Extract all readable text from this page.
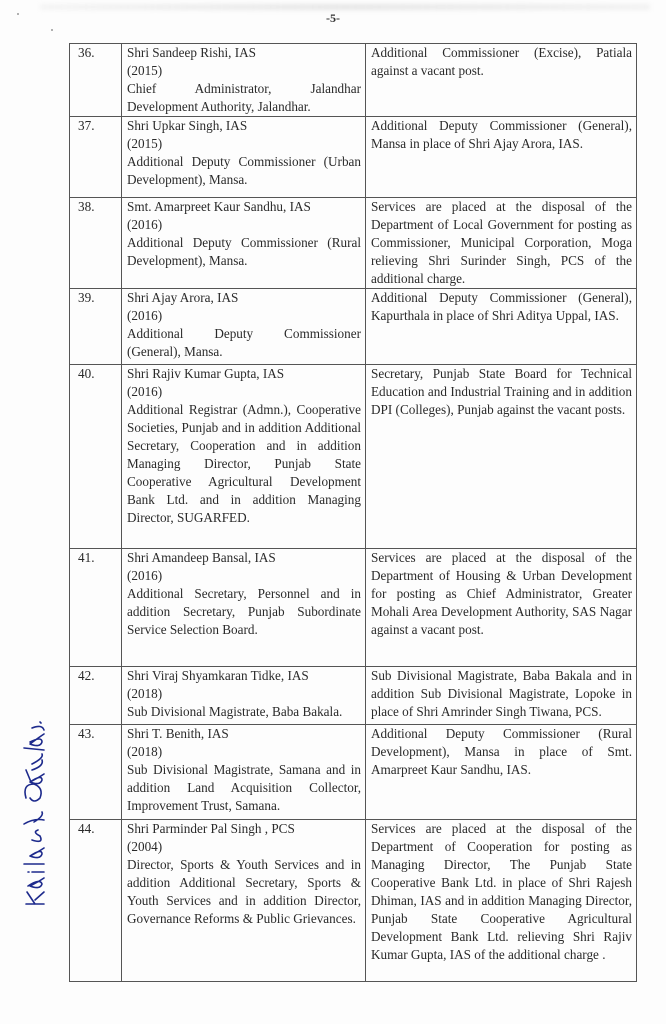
-5-
36.	Shri Sandeep Rishi, IAS
(2015)
Chief Administrator, Jalandhar Development Authority, Jalandhar.	Additional Commissioner (Excise), Patiala against a vacant post.
37.	Shri Upkar Singh, IAS
(2015)
Additional Deputy Commissioner (Urban Development), Mansa.	Additional Deputy Commissioner (General), Mansa in place of Shri Ajay Arora, IAS.
38.	Smt. Amarpreet Kaur Sandhu, IAS
(2016)
Additional Deputy Commissioner (Rural Development), Mansa.	Services are placed at the disposal of the Department of Local Government for posting as Commissioner, Municipal Corporation, Moga relieving Shri Surinder Singh, PCS of the additional charge.
39.	Shri Ajay Arora, IAS
(2016)
Additional Deputy Commissioner (General), Mansa.	Additional Deputy Commissioner (General), Kapurthala in place of Shri Aditya Uppal, IAS.
40.	Shri Rajiv Kumar Gupta, IAS
(2016)
Additional Registrar (Admn.), Cooperative Societies, Punjab and in addition Additional Secretary, Cooperation and in addition Managing Director, Punjab State Cooperative Agricultural Development Bank Ltd. and in addition Managing Director, SUGARFED.	Secretary, Punjab State Board for Technical Education and Industrial Training and in addition DPI (Colleges), Punjab against the vacant posts.
41.	Shri Amandeep Bansal, IAS
(2016)
Additional Secretary, Personnel and in addition Secretary, Punjab Subordinate Service Selection Board.	Services are placed at the disposal of the Department of Housing & Urban Development for posting as Chief Administrator, Greater Mohali Area Development Authority, SAS Nagar against a vacant post.
42.	Shri Viraj Shyamkaran Tidke, IAS
(2018)
Sub Divisional Magistrate, Baba Bakala.	Sub Divisional Magistrate, Baba Bakala and in addition Sub Divisional Magistrate, Lopoke in place of Shri Amrinder Singh Tiwana, PCS.
43.	Shri T. Benith, IAS
(2018)
Sub Divisional Magistrate, Samana and in addition Land Acquisition Collector, Improvement Trust, Samana.	Additional Deputy Commissioner (Rural Development), Mansa in place of Smt. Amarpreet Kaur Sandhu, IAS.
44.	Shri Parminder Pal Singh , PCS
(2004)
Director, Sports & Youth Services and in addition Additional Secretary, Sports & Youth Services and in addition Director, Governance Reforms & Public Grievances.
	Services are placed at the disposal of the Department of Cooperation for posting as Managing Director, The Punjab State Cooperative Bank Ltd. in place of Shri Rajesh Dhiman, IAS and in addition Managing Director, Punjab State Cooperative Agricultural Development Bank Ltd. relieving Shri Rajiv Kumar Gupta, IAS of the additional charge .
